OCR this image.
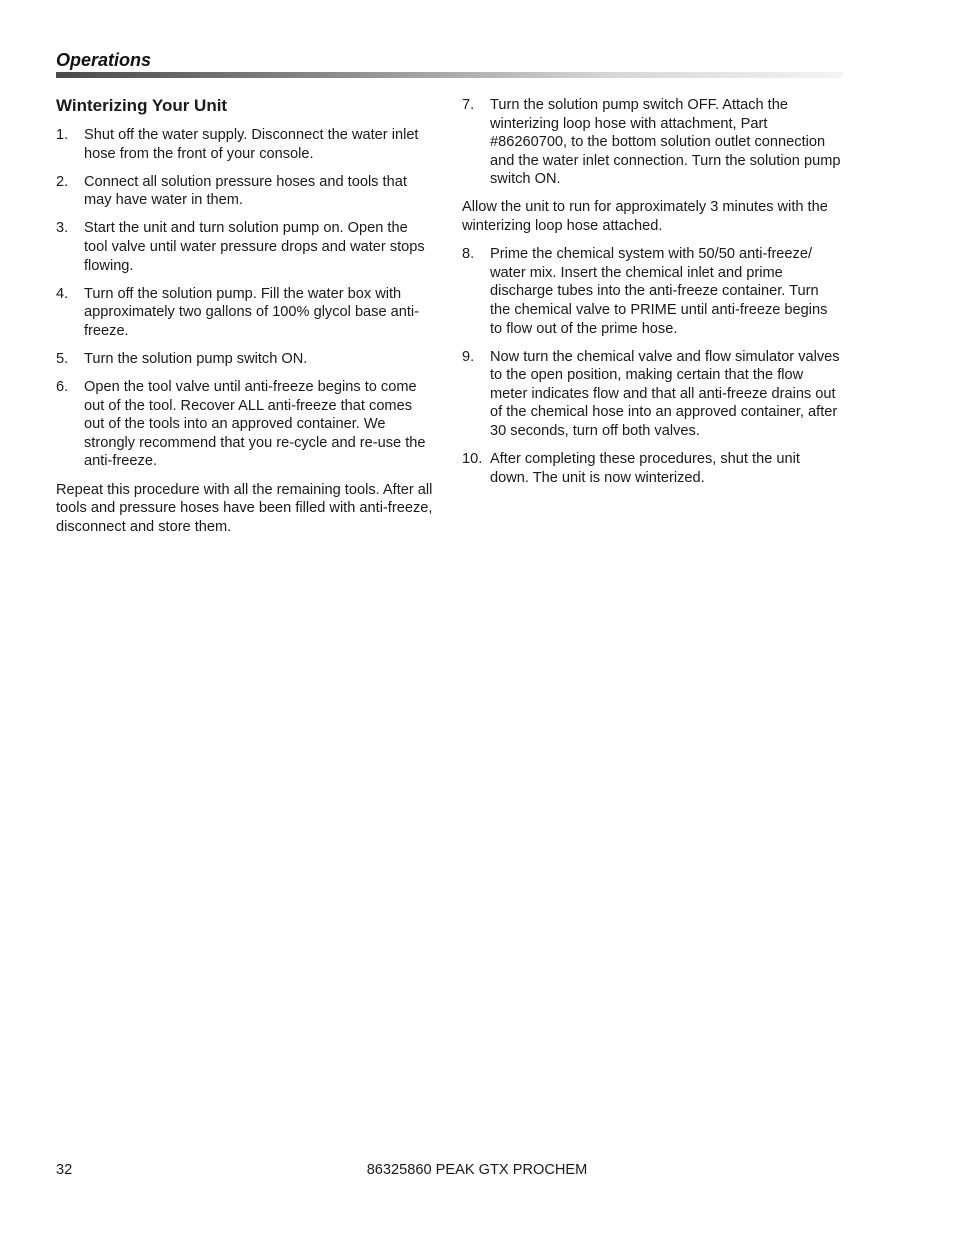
Operations
Winterizing Your Unit
1.	Shut off the water supply. Disconnect the water inlet hose from the front of your console.
2.	Connect all solution pressure hoses and tools that may have water in them.
3.	Start the unit and turn solution pump on. Open the tool valve until water pressure drops and water stops flowing.
4.	Turn off the solution pump. Fill the water box with approximately two gallons of 100% glycol base anti-freeze.
5.	Turn the solution pump switch ON.
6.	Open the tool valve until anti-freeze begins to come out of the tool. Recover ALL anti-freeze that comes out of the tools into an approved container. We strongly recommend that you re-cycle and re-use the anti-freeze.

Repeat this procedure with all the remaining tools. After all tools and pressure hoses have been filled with anti-freeze, disconnect and store them.

7.	Turn the solution pump switch OFF. Attach the winterizing loop hose with attachment, Part #86260700, to the bottom solution outlet connection and the water inlet connection. Turn the solution pump switch ON.

Allow the unit to run for approximately 3 minutes with the winterizing loop hose attached.

8.	Prime the chemical system with 50/50 anti-freeze/ water mix. Insert the chemical inlet and prime discharge tubes into the anti-freeze container. Turn the chemical valve to PRIME until anti-freeze begins to flow out of the prime hose.
9.	Now turn the chemical valve and flow simulator valves to the open position, making certain that the flow meter indicates flow and that all anti-freeze drains out of the chemical hose into an approved container, after 30 seconds, turn off both valves.
10. After completing these procedures, shut the unit down. The unit is now winterized.
32	86325860 PEAK GTX PROCHEM
